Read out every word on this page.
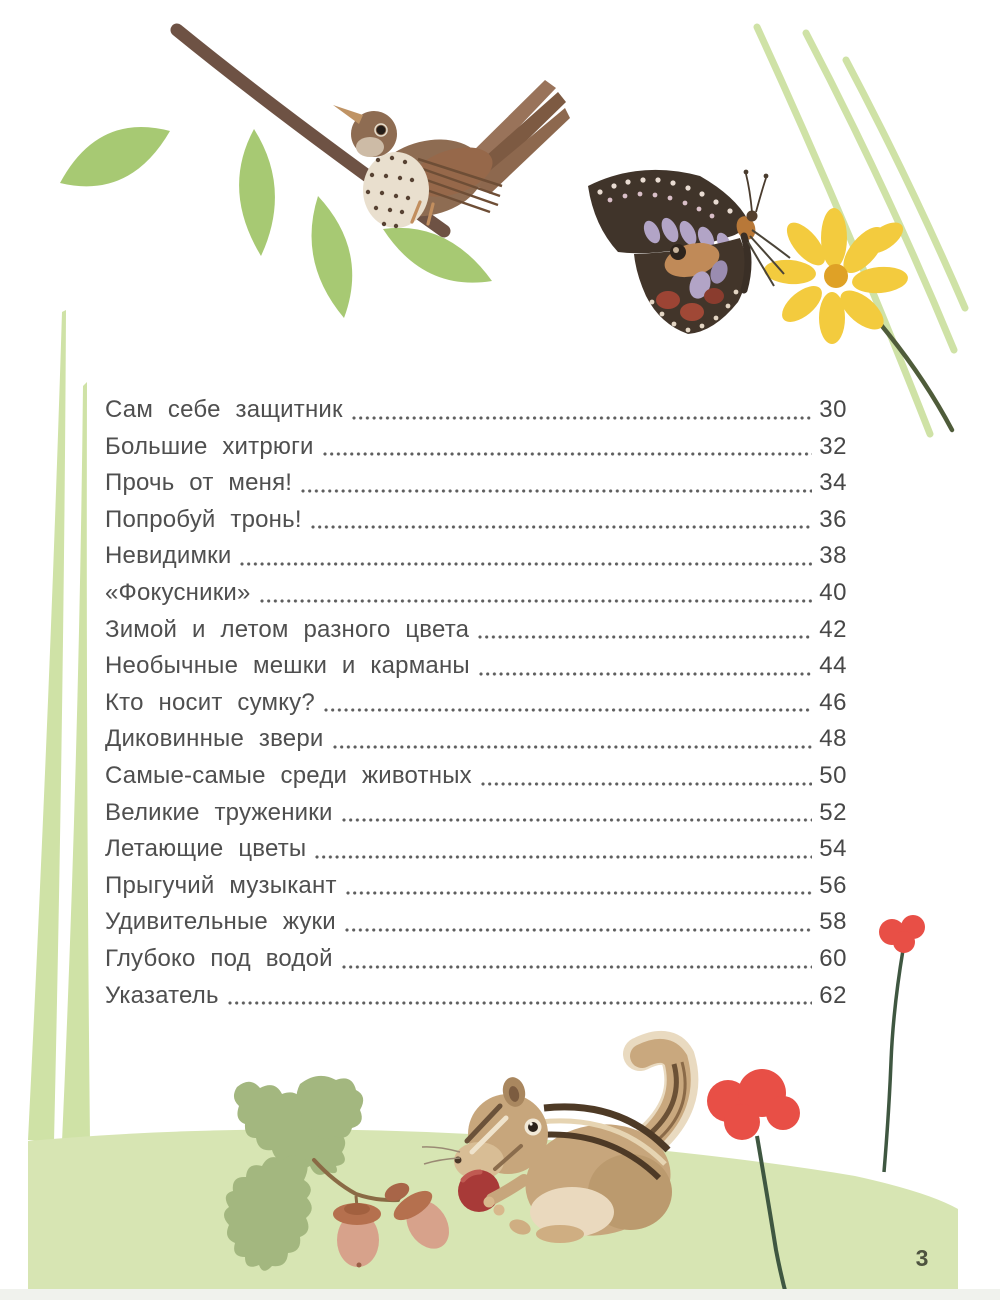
Сам себе защитник	30
Большие хитрюги	32
Прочь от меня!	34
Попробуй тронь!	36
Невидимки	38
«Фокусники»	40
Зимой и летом разного цвета	42
Необычные мешки и карманы	44
Кто носит сумку?	46
Диковинные звери	48
Самые-самые среди животных	50
Великие труженики	52
Летающие цветы	54
Прыгучий музыкант	56
Удивительные жуки	58
Глубоко под водой	60
Указатель	62
3
